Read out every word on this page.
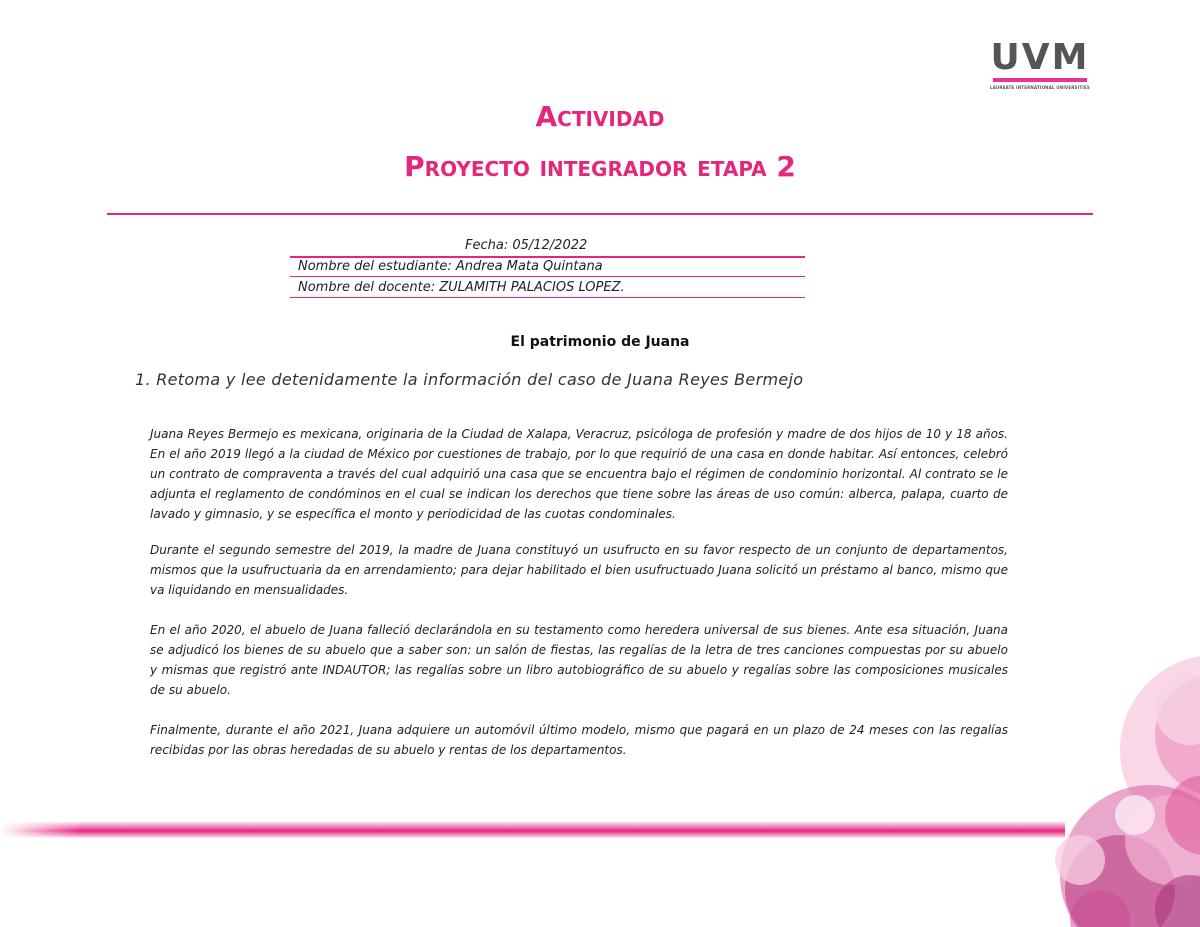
UVM
LAUREATE INTERNATIONAL UNIVERSITIES
Actividad
Proyecto integrador etapa 2
Fecha: 05/12/2022
Nombre del estudiante: Andrea Mata Quintana
Nombre del docente: ZULAMITH PALACIOS LOPEZ.
El patrimonio de Juana
1. Retoma y lee detenidamente la información del caso de Juana Reyes Bermejo

Juana Reyes Bermejo es mexicana, originaria de la Ciudad de Xalapa, Veracruz, psicóloga de profesión y madre de dos hijos de 10 y 18 años. En el año 2019 llegó a la ciudad de México por cuestiones de trabajo, por lo que requirió de una casa en donde habitar. Así entonces, celebró un contrato de compraventa a través del cual adquirió una casa que se encuentra bajo el régimen de condominio horizontal. Al contrato se le adjunta el reglamento de condóminos en el cual se indican los derechos que tiene sobre las áreas de uso común: alberca, palapa, cuarto de lavado y gimnasio, y se específica el monto y periodicidad de las cuotas condominales.

Durante el segundo semestre del 2019, la madre de Juana constituyó un usufructo en su favor respecto de un conjunto de departamentos, mismos que la usufructuaria da en arrendamiento; para dejar habilitado el bien usufructuado Juana solicitó un préstamo al banco, mismo que va liquidando en mensualidades.

En el año 2020, el abuelo de Juana falleció declarándola en su testamento como heredera universal de sus bienes. Ante esa situación, Juana se adjudicó los bienes de su abuelo que a saber son: un salón de fiestas, las regalías de la letra de tres canciones compuestas por su abuelo y mismas que registró ante INDAUTOR; las regalías sobre un libro autobiográfico de su abuelo y regalías sobre las composiciones musicales de su abuelo.

Finalmente, durante el año 2021, Juana adquiere un automóvil último modelo, mismo que pagará en un plazo de 24 meses con las regalías recibidas por las obras heredadas de su abuelo y rentas de los departamentos.
